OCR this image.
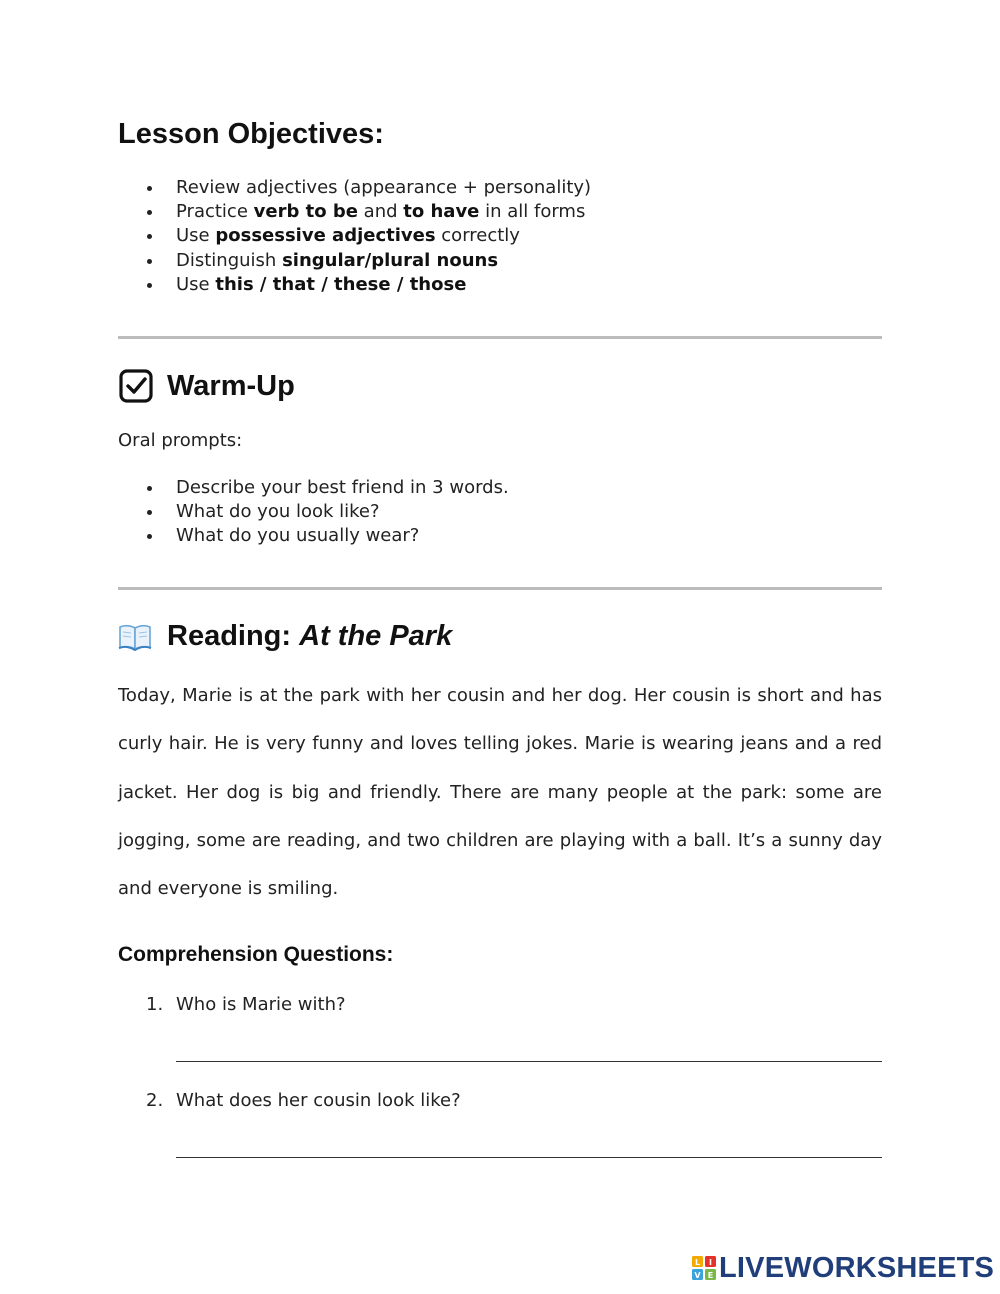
Lesson Objectives:
Review adjectives (appearance + personality)
Practice verb to be and to have in all forms
Use possessive adjectives correctly
Distinguish singular/plural nouns
Use this / that / these / those
Warm-Up

Oral prompts:

Describe your best friend in 3 words.
What do you look like?
What do you usually wear?
Reading: At the Park

Today, Marie is at the park with her cousin and her dog. Her cousin is short and has curly hair. He is very funny and loves telling jokes. Marie is wearing jeans and a red jacket. Her dog is big and friendly. There are many people at the park: some are jogging, some are reading, and two children are playing with a ball. It’s a sunny day and everyone is smiling.

Comprehension Questions:
1. Who is Marie with?
2. What does her cousin look like?
L I
V E LIVEWORKSHEETS
